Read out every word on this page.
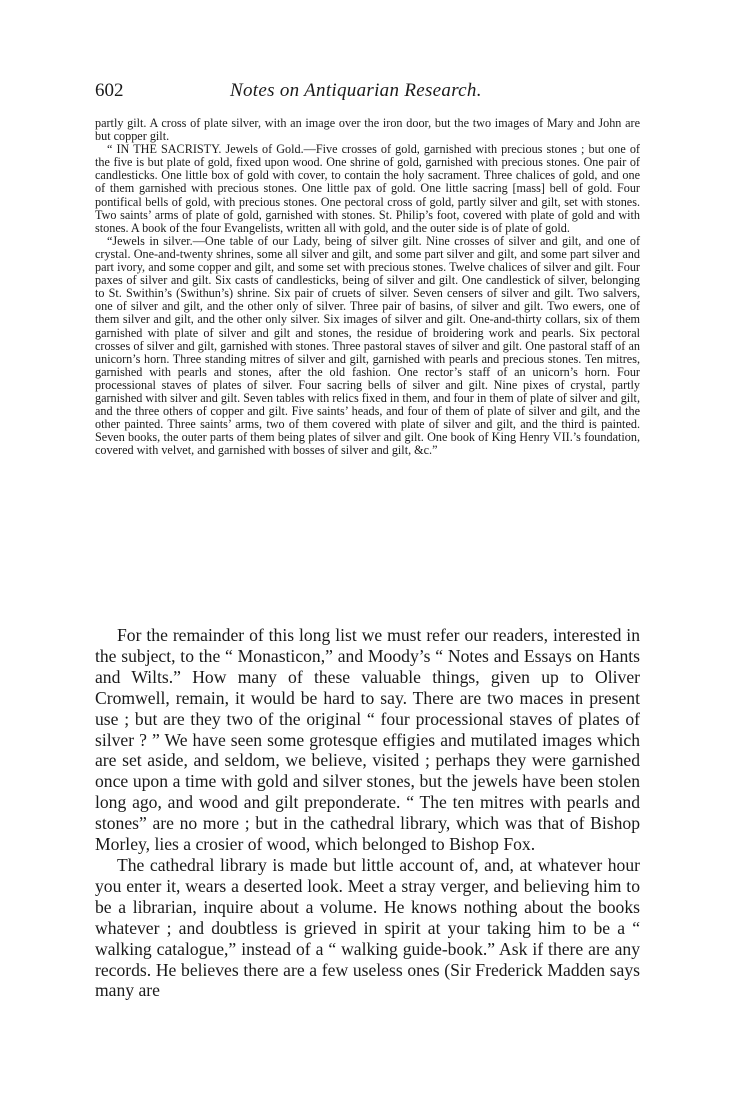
602	Notes on Antiquarian Research.

partly gilt. A cross of plate silver, with an image over the iron door, but the two images of Mary and John are but copper gilt.

“ IN THE SACRISTY. Jewels of Gold.—Five crosses of gold, garnished with precious stones ; but one of the five is but plate of gold, fixed upon wood. One shrine of gold, garnished with precious stones. One pair of candlesticks. One little box of gold with cover, to contain the holy sacrament. Three chalices of gold, and one of them garnished with precious stones. One little pax of gold. One little sacring [mass] bell of gold. Four pontifical bells of gold, with precious stones. One pectoral cross of gold, partly silver and gilt, set with stones. Two saints’ arms of plate of gold, garnished with stones. St. Philip’s foot, covered with plate of gold and with stones. A book of the four Evangelists, written all with gold, and the outer side is of plate of gold.

“Jewels in silver.—One table of our Lady, being of silver gilt. Nine crosses of silver and gilt, and one of crystal. One-and-twenty shrines, some all silver and gilt, and some part silver and gilt, and some part silver and part ivory, and some copper and gilt, and some set with precious stones. Twelve chalices of silver and gilt. Four paxes of silver and gilt. Six casts of candlesticks, being of silver and gilt. One candlestick of silver, belonging to St. Swithin’s (Swithun’s) shrine. Six pair of cruets of silver. Seven censers of silver and gilt. Two salvers, one of silver and gilt, and the other only of silver. Three pair of basins, of silver and gilt. Two ewers, one of them silver and gilt, and the other only silver. Six images of silver and gilt. One-and-thirty collars, six of them garnished with plate of silver and gilt and stones, the residue of broidering work and pearls. Six pectoral crosses of silver and gilt, garnished with stones. Three pastoral staves of silver and gilt. One pastoral staff of an unicorn’s horn. Three standing mitres of silver and gilt, garnished with pearls and precious stones. Ten mitres, garnished with pearls and stones, after the old fashion. One rector’s staff of an unicorn’s horn. Four processional staves of plates of silver. Four sacring bells of silver and gilt. Nine pixes of crystal, partly garnished with silver and gilt. Seven tables with relics fixed in them, and four in them of plate of silver and gilt, and the three others of copper and gilt. Five saints’ heads, and four of them of plate of silver and gilt, and the other painted. Three saints’ arms, two of them covered with plate of silver and gilt, and the third is painted. Seven books, the outer parts of them being plates of silver and gilt. One book of King Henry VII.’s foundation, covered with velvet, and garnished with bosses of silver and gilt, &c.”

For the remainder of this long list we must refer our readers, interested in the subject, to the “ Monasticon,” and Moody’s “ Notes and Essays on Hants and Wilts.” How many of these valuable things, given up to Oliver Cromwell, remain, it would be hard to say. There are two maces in present use ; but are they two of the original “ four processional staves of plates of silver ? ” We have seen some grotesque effigies and mutilated images which are set aside, and seldom, we believe, visited ; perhaps they were garnished once upon a time with gold and silver stones, but the jewels have been stolen long ago, and wood and gilt preponderate. “ The ten mitres with pearls and stones” are no more ; but in the cathedral library, which was that of Bishop Morley, lies a crosier of wood, which belonged to Bishop Fox.

The cathedral library is made but little account of, and, at whatever hour you enter it, wears a deserted look. Meet a stray verger, and believing him to be a librarian, inquire about a volume. He knows nothing about the books whatever ; and doubtless is grieved in spirit at your taking him to be a “ walking catalogue,” instead of a “ walking guide-book.” Ask if there are any records. He believes there are a few useless ones (Sir Frederick Madden says many are
